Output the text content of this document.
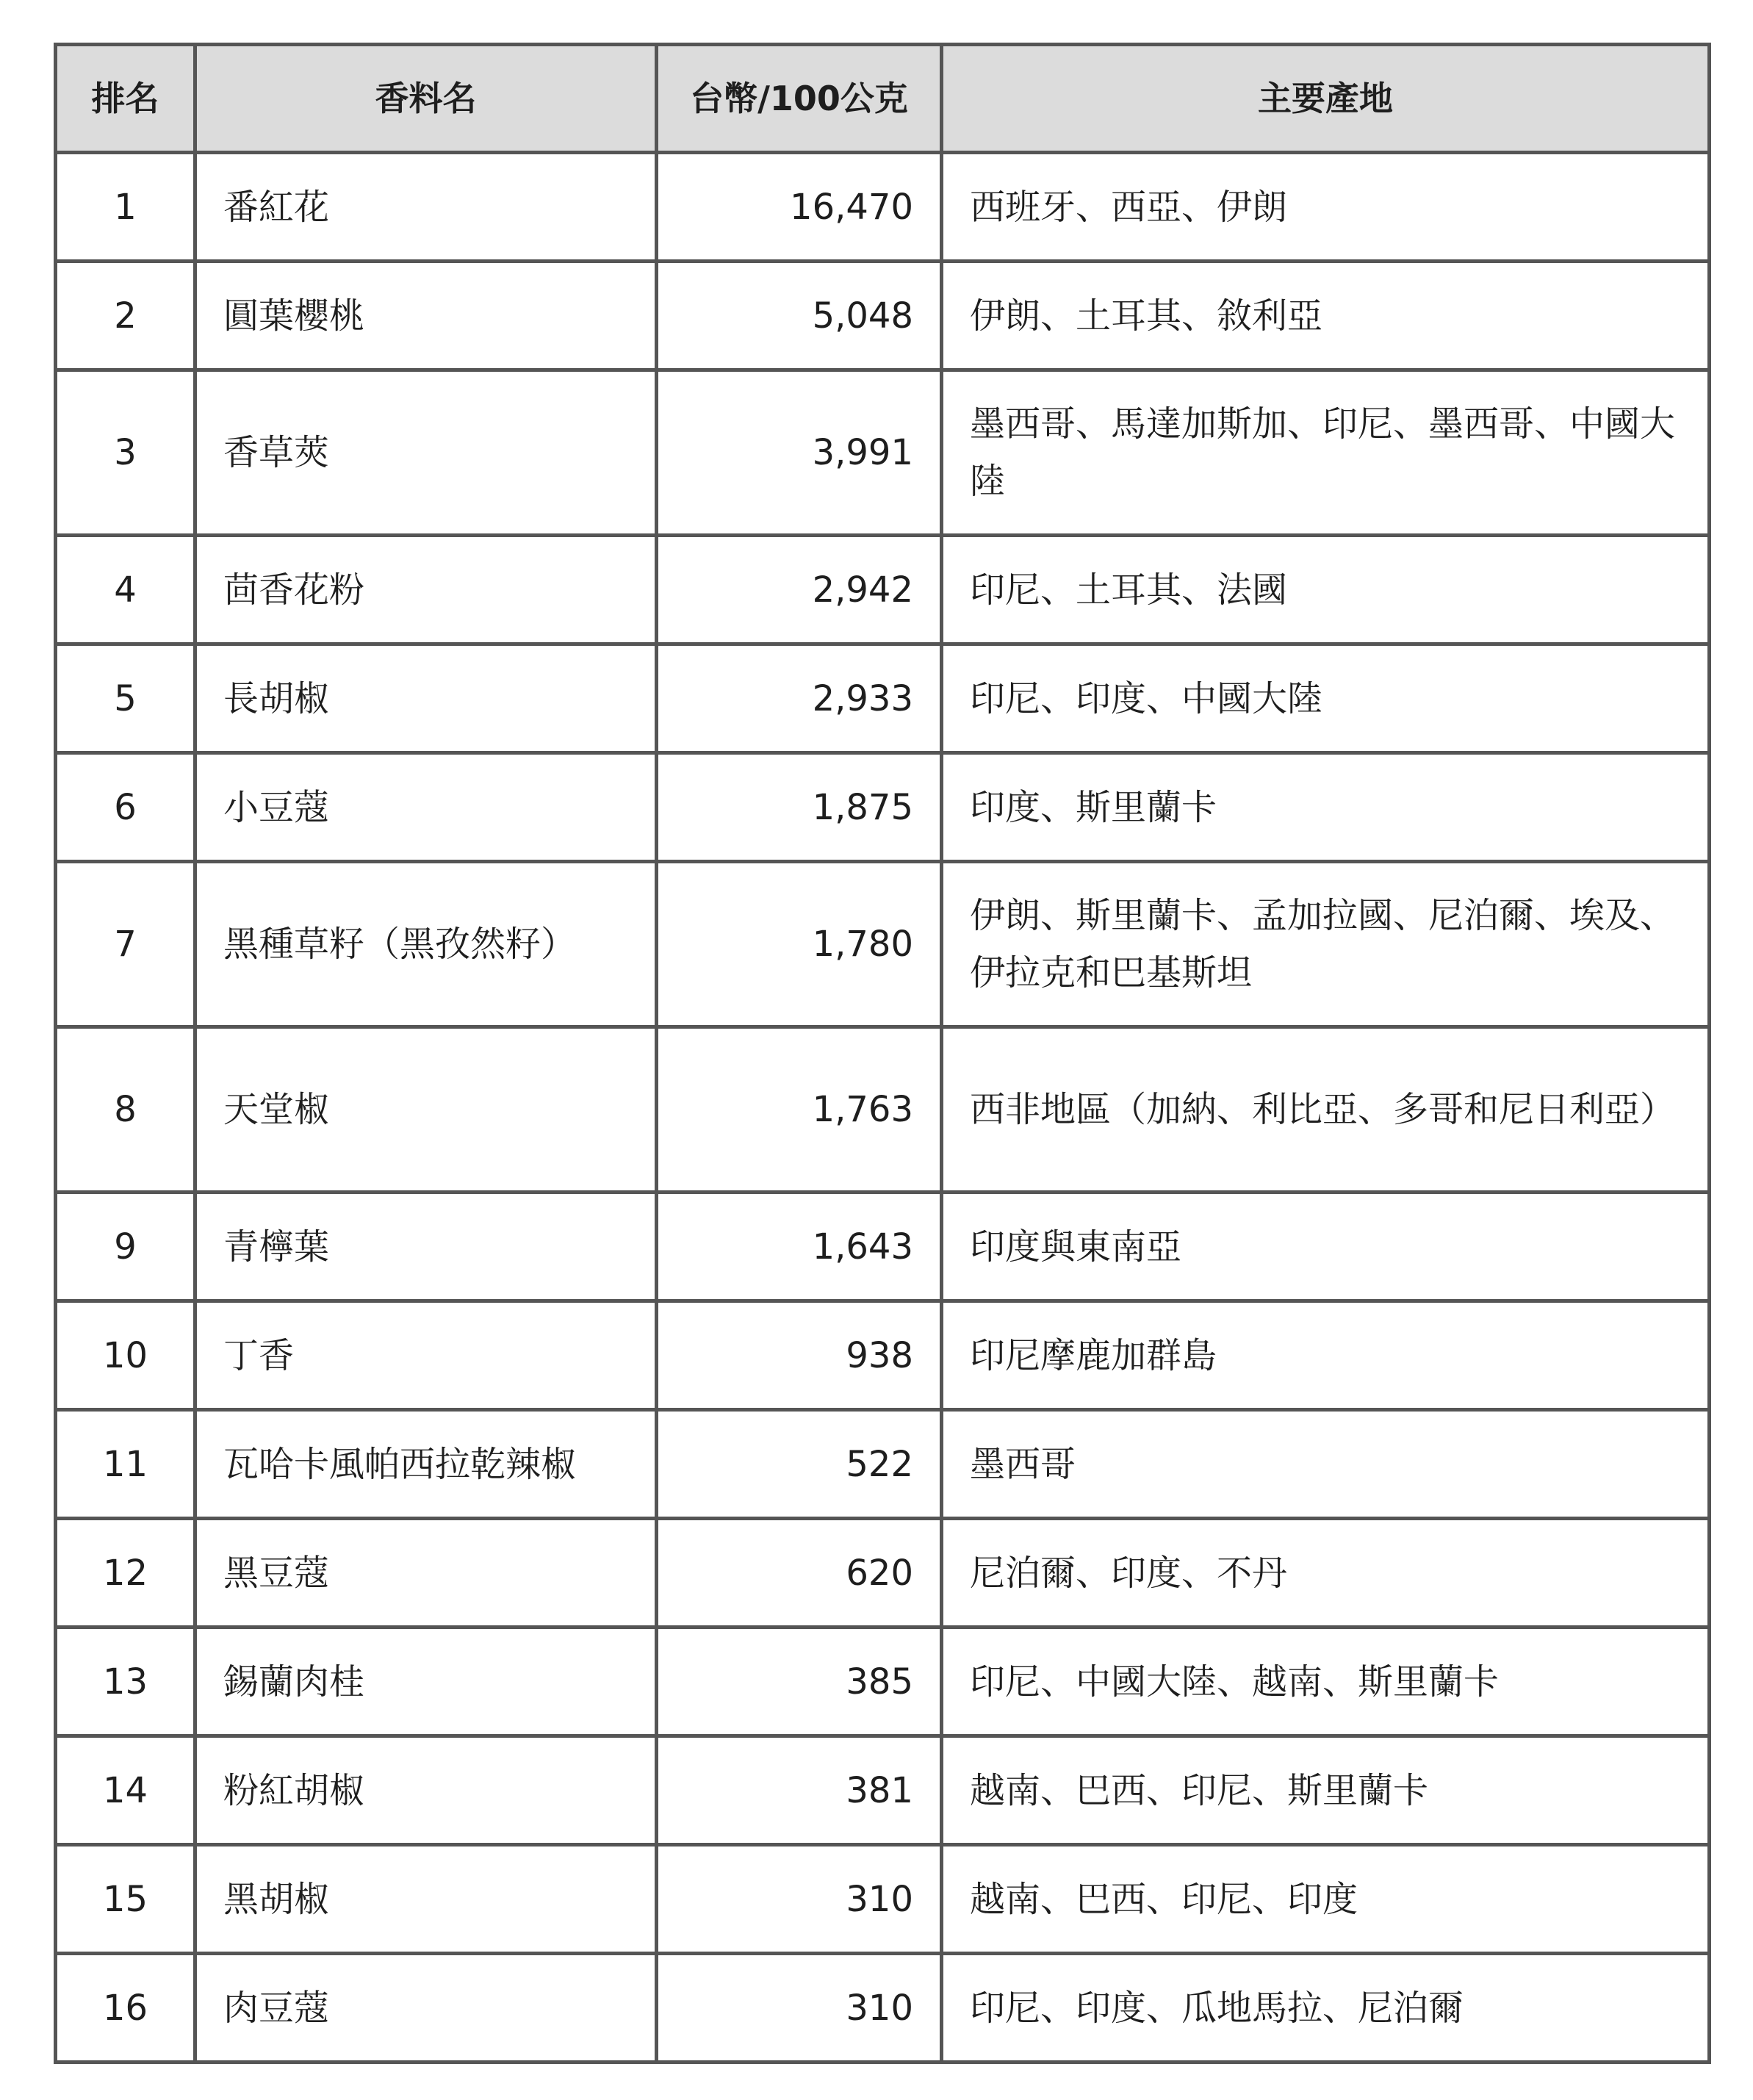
排名	香料名	台幣/100公克	主要產地
1	番紅花	16,470	西班牙、西亞、伊朗
2	圓葉櫻桃	5,048	伊朗、土耳其、敘利亞
3	香草莢	3,991	墨西哥、馬達加斯加、印尼、墨西哥、中國大陸
4	茴香花粉	2,942	印尼、土耳其、法國
5	長胡椒	2,933	印尼、印度、中國大陸
6	小豆蔻	1,875	印度、斯里蘭卡
7	黑種草籽（黑孜然籽）	1,780	伊朗、斯里蘭卡、孟加拉國、尼泊爾、埃及、伊拉克和巴基斯坦
8	天堂椒	1,763	西非地區（加納、利比亞、多哥和尼日利亞）
9	青檸葉	1,643	印度與東南亞
10	丁香	938	印尼摩鹿加群島
11	瓦哈卡風帕西拉乾辣椒	522	墨西哥
12	黑豆蔻	620	尼泊爾、印度、不丹
13	錫蘭肉桂	385	印尼、中國大陸、越南、斯里蘭卡
14	粉紅胡椒	381	越南、巴西、印尼、斯里蘭卡
15	黑胡椒	310	越南、巴西、印尼、印度
16	肉豆蔻	310	印尼、印度、瓜地馬拉、尼泊爾
